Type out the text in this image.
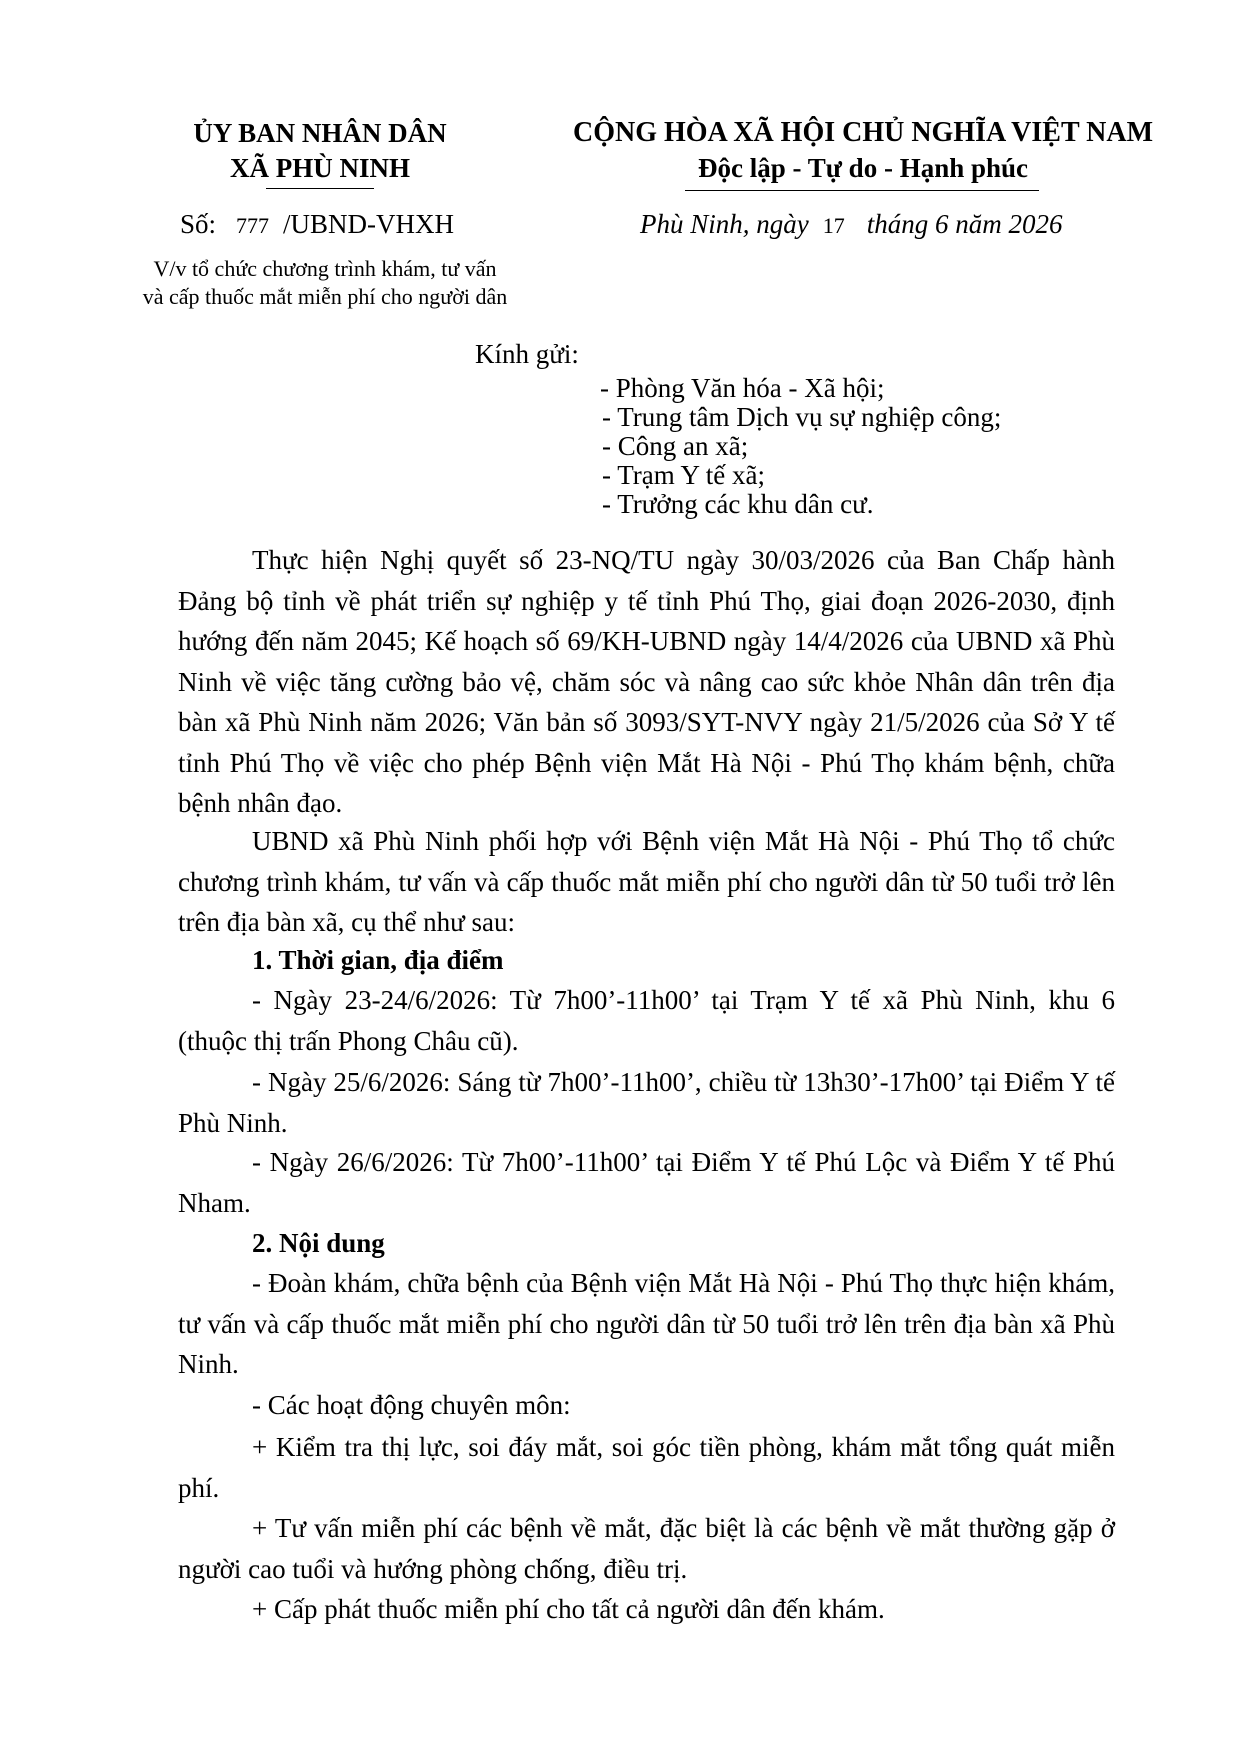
ỦY BAN NHÂN DÂN
XÃ PHÙ NINH
CỘNG HÒA XÃ HỘI CHỦ NGHĨA VIỆT NAM
Độc lập - Tự do - Hạnh phúc
Số: 777 /UBND-VHXH	Phù Ninh, ngày 17 tháng 6 năm 2026
V/v tổ chức chương trình khám, tư vấn
và cấp thuốc mắt miễn phí cho người dân
Kính gửi:
- Phòng Văn hóa - Xã hội;
- Trung tâm Dịch vụ sự nghiệp công;
- Công an xã;
- Trạm Y tế xã;
- Trưởng các khu dân cư.

Thực hiện Nghị quyết số 23-NQ/TU ngày 30/03/2026 của Ban Chấp hành Đảng bộ tỉnh về phát triển sự nghiệp y tế tỉnh Phú Thọ, giai đoạn 2026-2030, định hướng đến năm 2045; Kế hoạch số 69/KH-UBND ngày 14/4/2026 của UBND xã Phù Ninh về việc tăng cường bảo vệ, chăm sóc và nâng cao sức khỏe Nhân dân trên địa bàn xã Phù Ninh năm 2026; Văn bản số 3093/SYT-NVY ngày 21/5/2026 của Sở Y tế tỉnh Phú Thọ về việc cho phép Bệnh viện Mắt Hà Nội - Phú Thọ khám bệnh, chữa bệnh nhân đạo.

UBND xã Phù Ninh phối hợp với Bệnh viện Mắt Hà Nội - Phú Thọ tổ chức chương trình khám, tư vấn và cấp thuốc mắt miễn phí cho người dân từ 50 tuổi trở lên trên địa bàn xã, cụ thể như sau:

1. Thời gian, địa điểm

- Ngày 23-24/6/2026: Từ 7h00’-11h00’ tại Trạm Y tế xã Phù Ninh, khu 6 (thuộc thị trấn Phong Châu cũ).

- Ngày 25/6/2026: Sáng từ 7h00’-11h00’, chiều từ 13h30’-17h00’ tại Điểm Y tế Phù Ninh.

- Ngày 26/6/2026: Từ 7h00’-11h00’ tại Điểm Y tế Phú Lộc và Điểm Y tế Phú Nham.

2. Nội dung

- Đoàn khám, chữa bệnh của Bệnh viện Mắt Hà Nội - Phú Thọ thực hiện khám, tư vấn và cấp thuốc mắt miễn phí cho người dân từ 50 tuổi trở lên trên địa bàn xã Phù Ninh.

- Các hoạt động chuyên môn:

+ Kiểm tra thị lực, soi đáy mắt, soi góc tiền phòng, khám mắt tổng quát miễn phí.

+ Tư vấn miễn phí các bệnh về mắt, đặc biệt là các bệnh về mắt thường gặp ở người cao tuổi và hướng phòng chống, điều trị.

+ Cấp phát thuốc miễn phí cho tất cả người dân đến khám.
